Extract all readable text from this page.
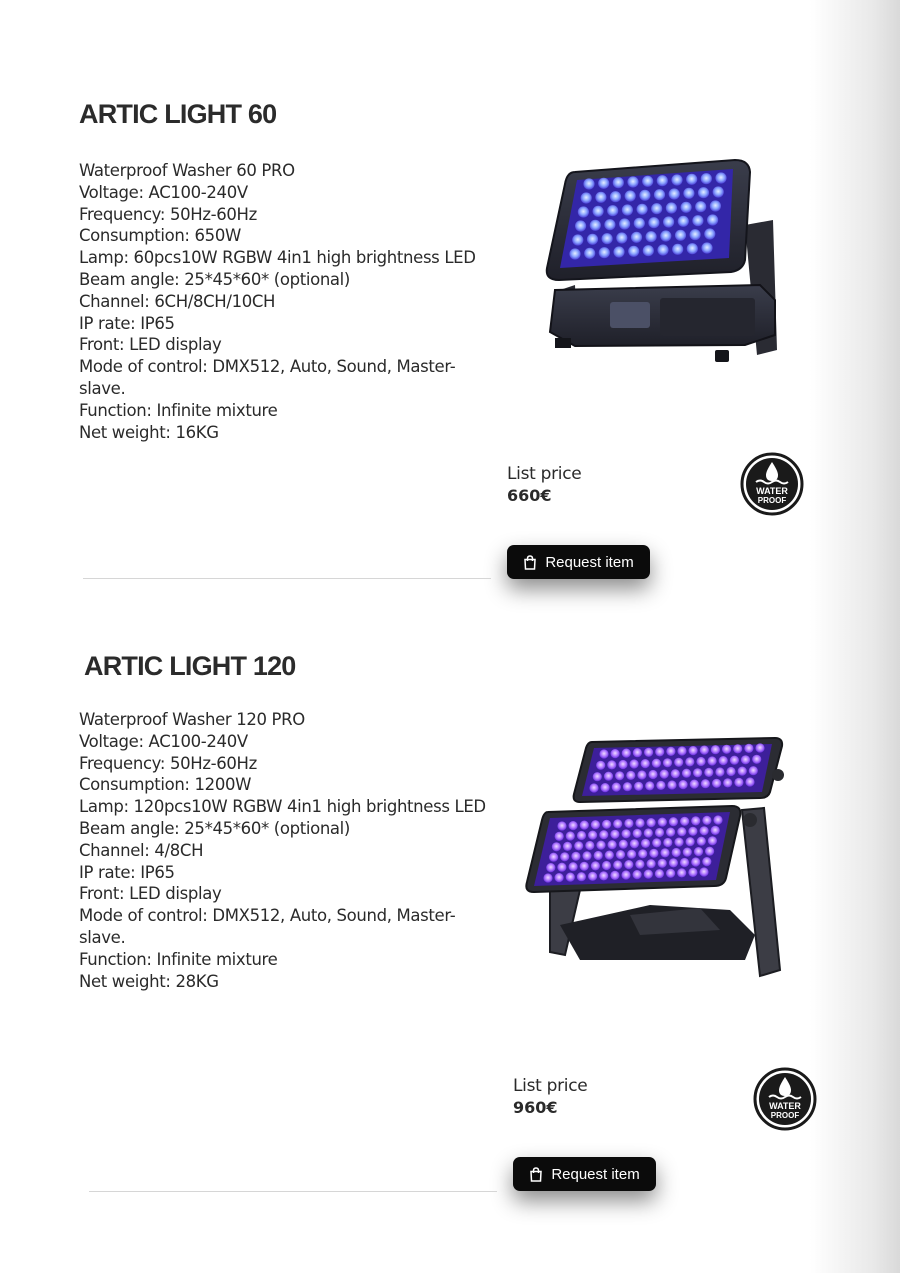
ARTIC LIGHT 60
Waterproof Washer 60 PRO
Voltage: AC100-240V
Frequency: 50Hz-60Hz
Consumption: 650W
Lamp: 60pcs10W RGBW 4in1 high brightness LED
Beam angle: 25*45*60* (optional)
Channel: 6CH/8CH/10CH
IP rate: IP65
Front: LED display
Mode of control: DMX512, Auto, Sound, Master-
slave.
Function: Infinite mixture
Net weight: 16KG
List price
660€	WATER
PROOF
Request item
ARTIC LIGHT 120
Waterproof Washer 120 PRO
Voltage: AC100-240V
Frequency: 50Hz-60Hz
Consumption: 1200W
Lamp: 120pcs10W RGBW 4in1 high brightness LED
Beam angle: 25*45*60* (optional)
Channel: 4/8CH
IP rate: IP65
Front: LED display
Mode of control: DMX512, Auto, Sound, Master-
slave.
Function: Infinite mixture
Net weight: 28KG
List price
960€	WATER
PROOF
Request item
